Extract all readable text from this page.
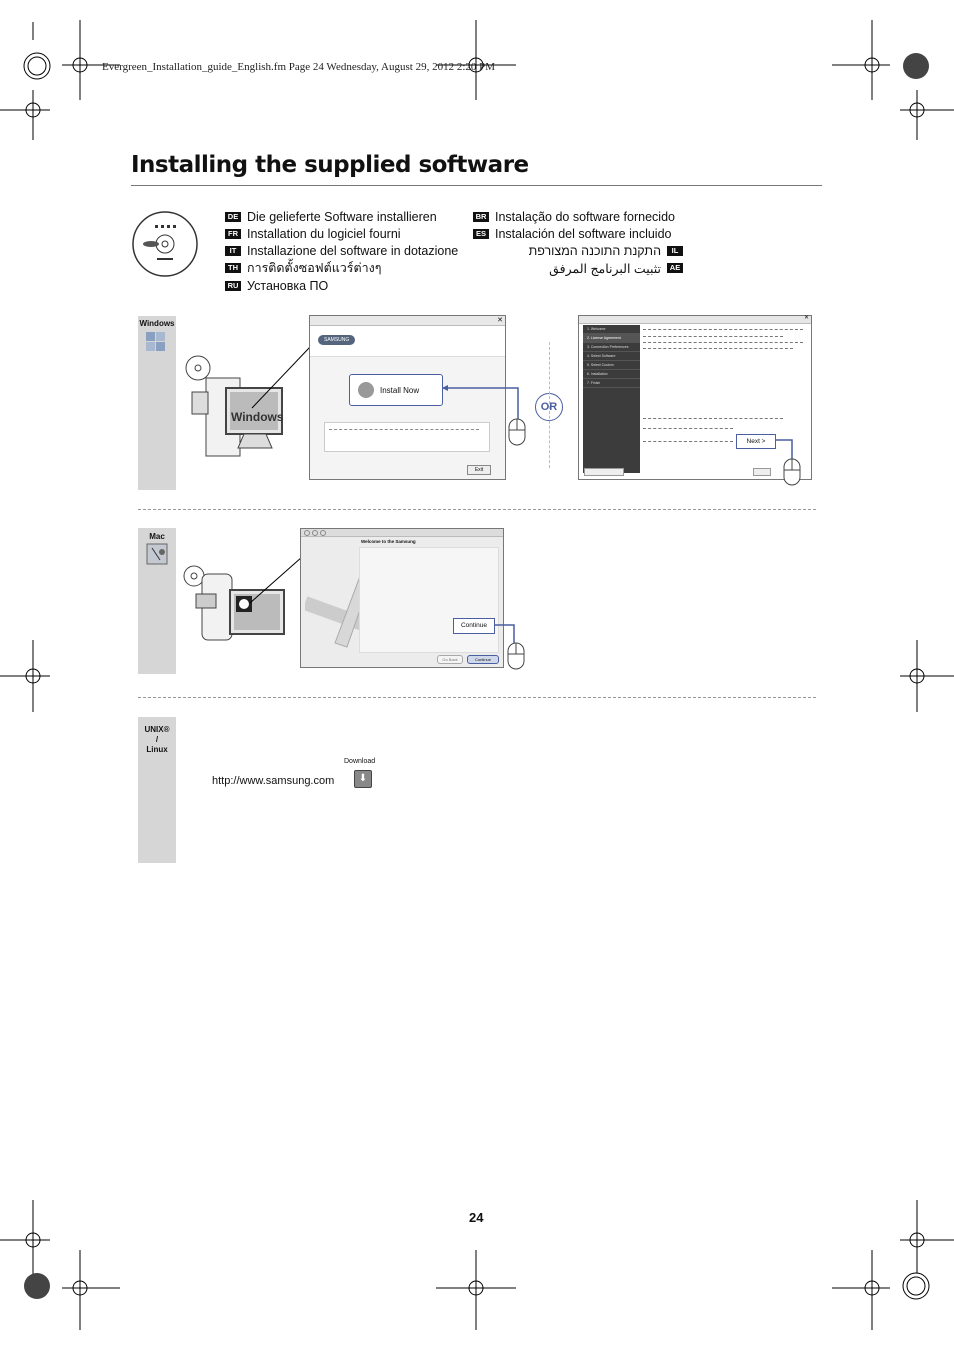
Evergreen_Installation_guide_English.fm Page 24 Wednesday, August 29, 2012 2:20 PM
Installing the supplied software
DE Die gelieferte Software installieren
FR Installation du logiciel fourni
IT Installazione del software in dotazione
TH การติดตั้งซอฟต์แวร์ต่างๆ
RU Установка ПО
BR Instalação do software fornecido
ES Instalación del software incluido
התקנת התוכנה המצורפת	IL
تثبيت البرنامج المرفق	AE
Windows
Windows
✕
SAMSUNG
Install Now
Exit
OR
✕
1. Welcome
2. License Agreement
3. Connection Preferences
4. Select Software
5. Select Custom
6. Installation
7. Finish
Next >
Mac
Welcome to the Samsung
Go Back	Continue
Continue
UNIX®
/
Linux
Download
http://www.samsung.com	⬇
24
